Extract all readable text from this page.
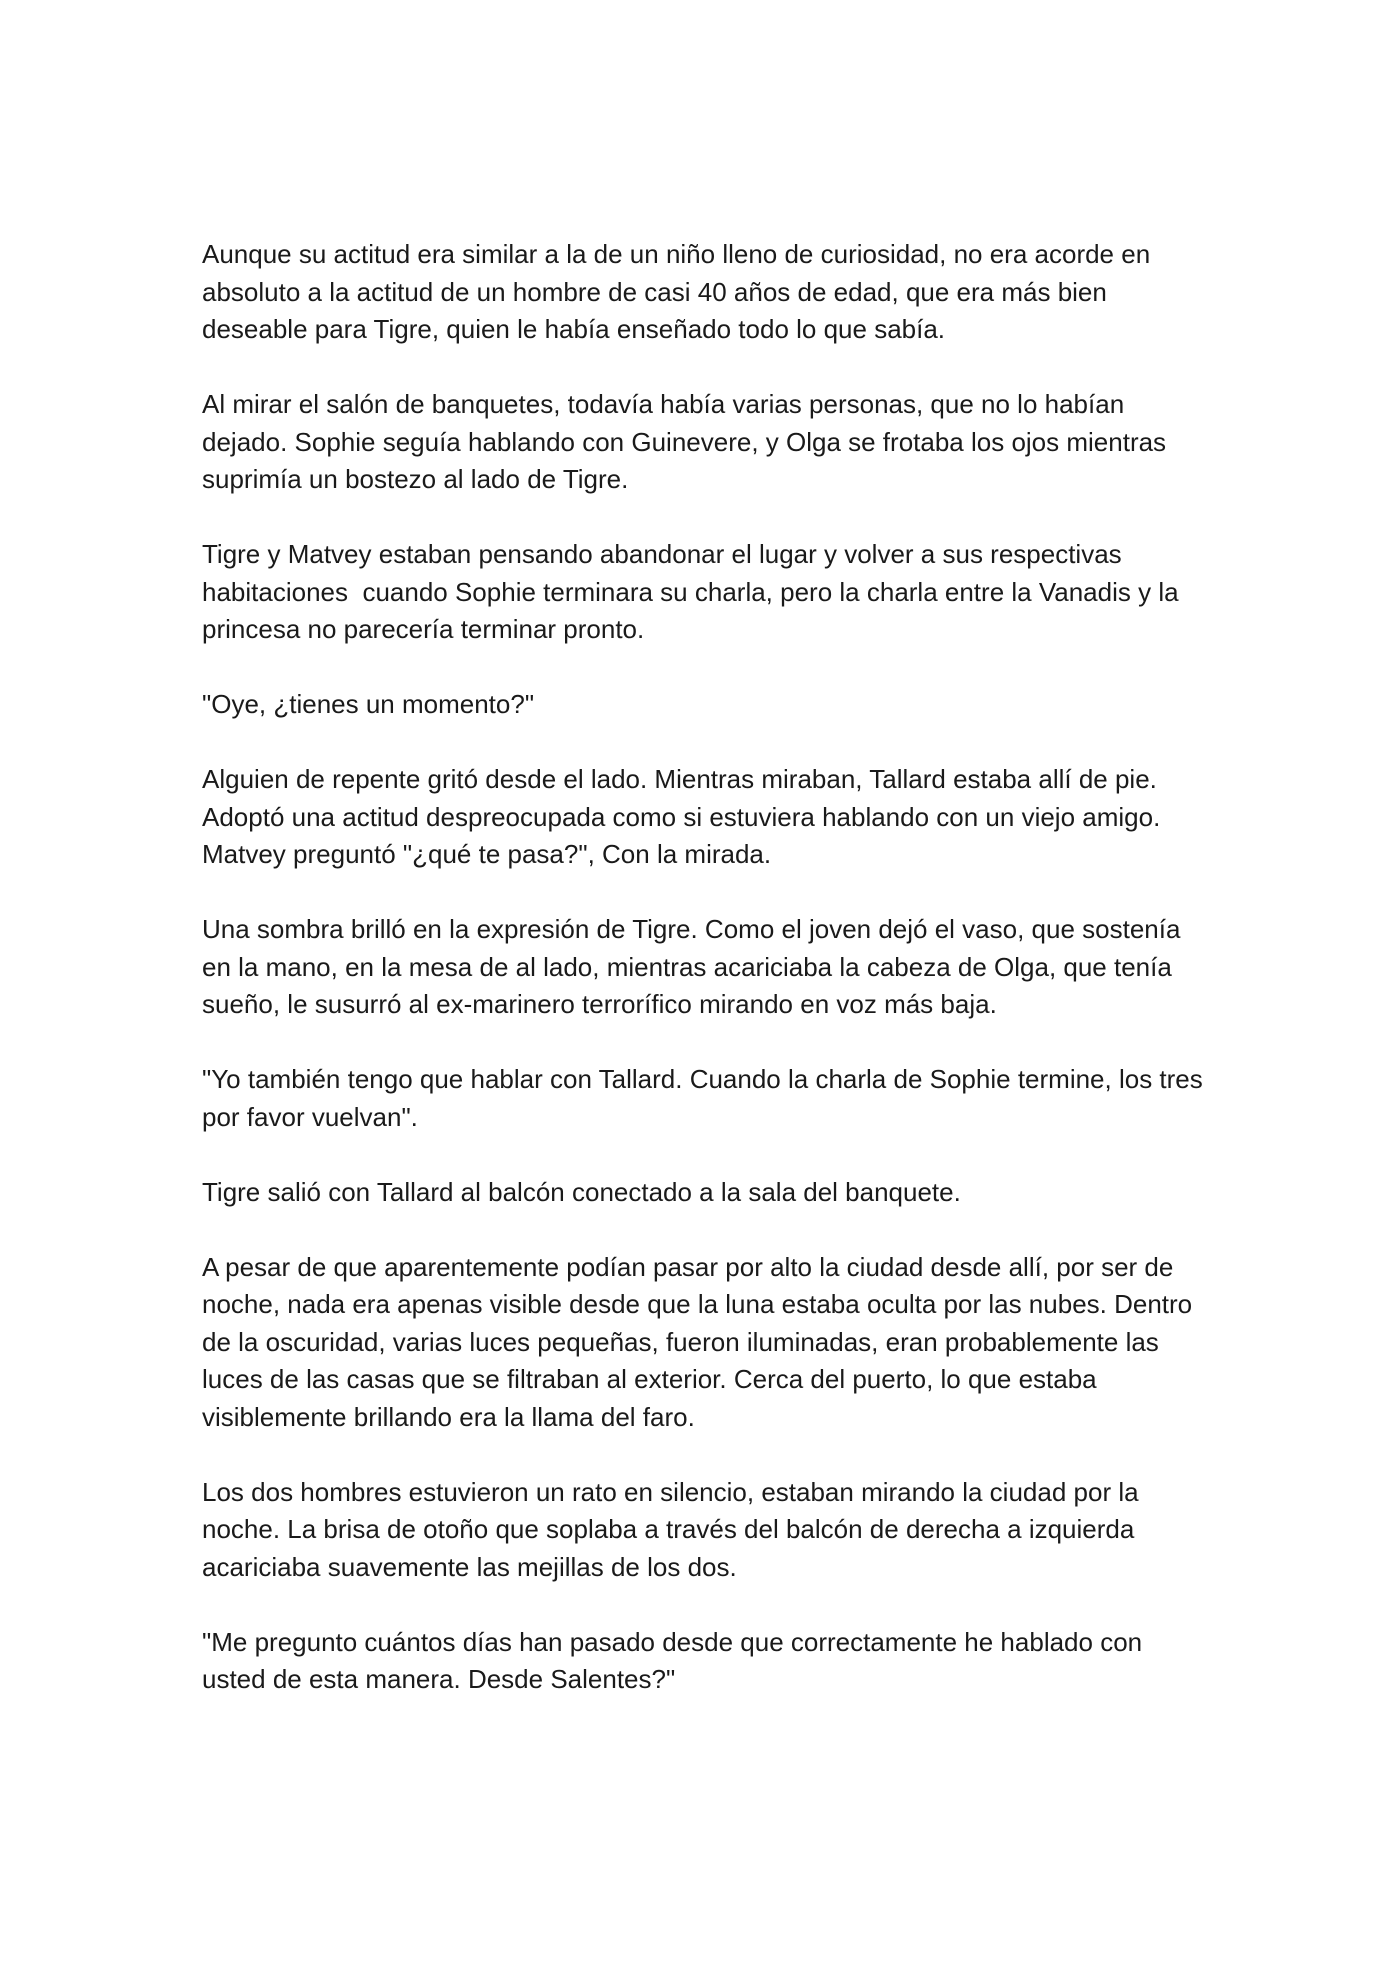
Aunque su actitud era similar a la de un niño lleno de curiosidad, no era acorde en absoluto a la actitud de un hombre de casi 40 años de edad, que era más bien deseable para Tigre, quien le había enseñado todo lo que sabía.

Al mirar el salón de banquetes, todavía había varias personas, que no lo habían dejado. Sophie seguía hablando con Guinevere, y Olga se frotaba los ojos mientras suprimía un bostezo al lado de Tigre.

Tigre y Matvey estaban pensando abandonar el lugar y volver a sus respectivas habitaciones  cuando Sophie terminara su charla, pero la charla entre la Vanadis y la princesa no parecería terminar pronto.

"Oye, ¿tienes un momento?"

Alguien de repente gritó desde el lado. Mientras miraban, Tallard estaba allí de pie. Adoptó una actitud despreocupada como si estuviera hablando con un viejo amigo. Matvey preguntó "¿qué te pasa?", Con la mirada.

Una sombra brilló en la expresión de Tigre. Como el joven dejó el vaso, que sostenía en la mano, en la mesa de al lado, mientras acariciaba la cabeza de Olga, que tenía sueño, le susurró al ex-marinero terrorífico mirando en voz más baja.

"Yo también tengo que hablar con Tallard. Cuando la charla de Sophie termine, los tres por favor vuelvan".

Tigre salió con Tallard al balcón conectado a la sala del banquete.

A pesar de que aparentemente podían pasar por alto la ciudad desde allí, por ser de noche, nada era apenas visible desde que la luna estaba oculta por las nubes. Dentro de la oscuridad, varias luces pequeñas, fueron iluminadas, eran probablemente las luces de las casas que se filtraban al exterior. Cerca del puerto, lo que estaba visiblemente brillando era la llama del faro.

Los dos hombres estuvieron un rato en silencio, estaban mirando la ciudad por la noche. La brisa de otoño que soplaba a través del balcón de derecha a izquierda acariciaba suavemente las mejillas de los dos.

"Me pregunto cuántos días han pasado desde que correctamente he hablado con usted de esta manera. Desde Salentes?"
